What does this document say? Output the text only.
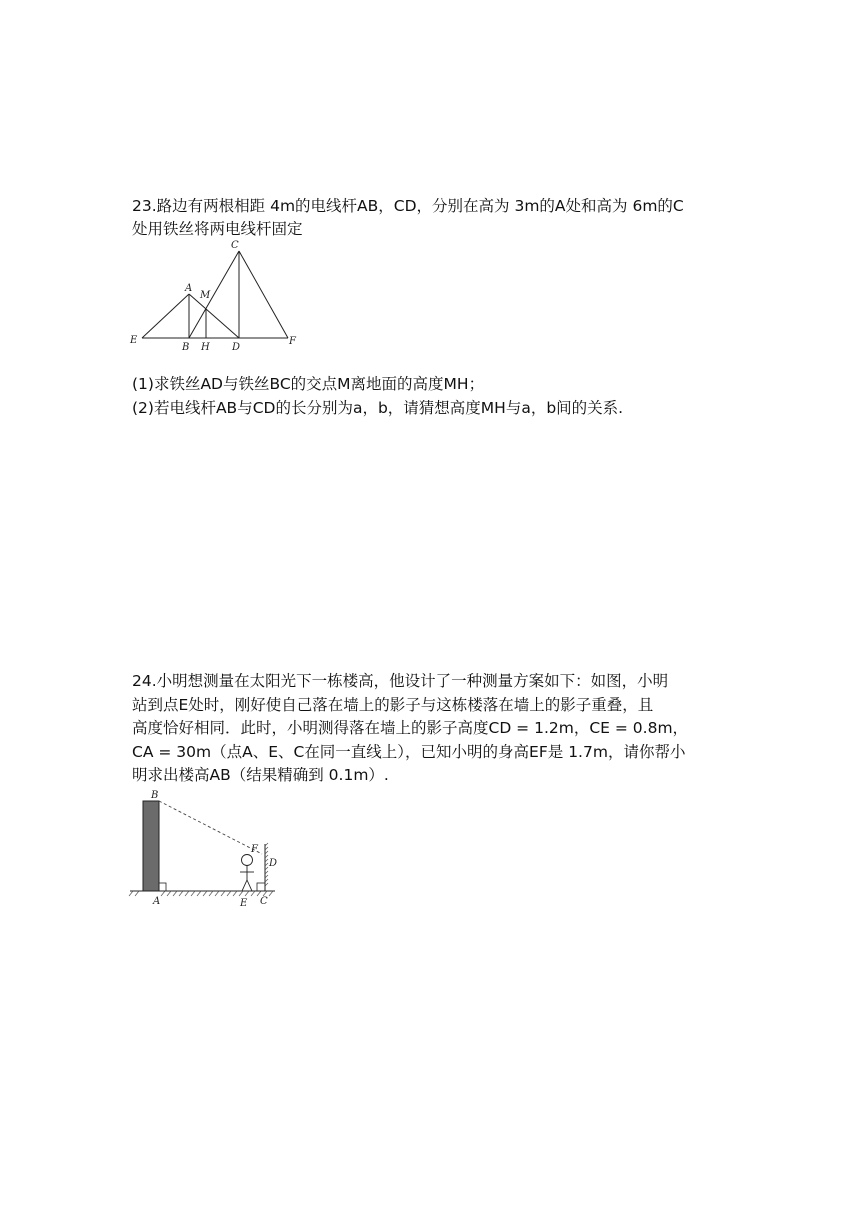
23.路边有两根相距 4m的电线杆AB，CD，分别在高为 3m的A处和高为 6m的C
处用铁丝将两电线杆固定
C
A
M
E
B H D
F
(1)求铁丝AD与铁丝BC的交点M离地面的高度MH；
(2)若电线杆AB与CD的长分别为a，b，请猜想高度MH与a，b间的关系.
24.小明想测量在太阳光下一栋楼高，他设计了一种测量方案如下：如图，小明
站到点E处时，刚好使自己落在墙上的影子与这栋楼落在墙上的影子重叠，且
高度恰好相同．此时，小明测得落在墙上的影子高度CD = 1.2m，CE = 0.8m，
CA = 30m（点A、E、C在同一直线上），已知小明的身高EF是 1.7m，请你帮小
明求出楼高AB（结果精确到 0.1m）.
B
F
D
A	E C
